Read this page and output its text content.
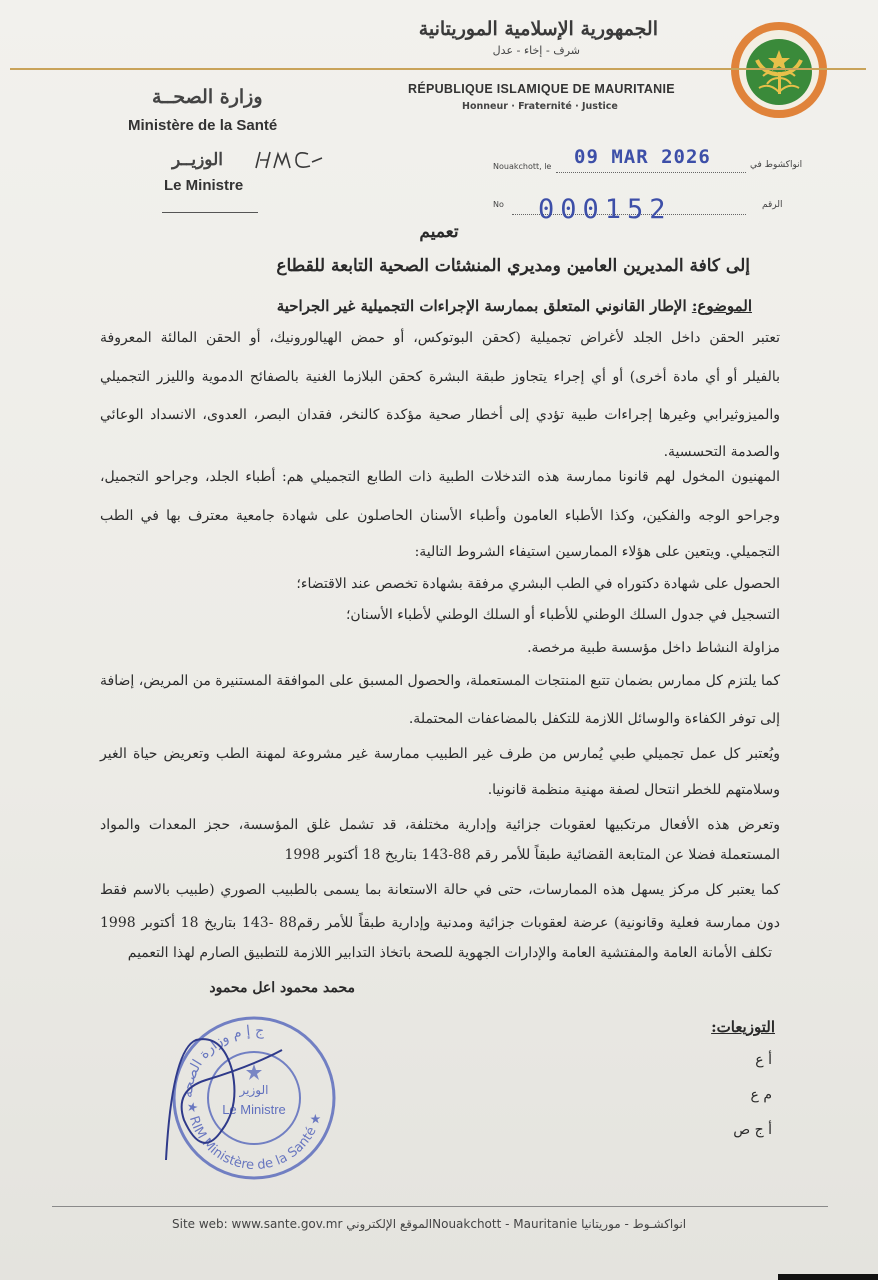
الجمهورية الإسلامية الموريتانية
شرف - إخاء - عدل
RÉPUBLIQUE ISLAMIQUE DE MAURITANIE
Honneur · Fraternité · Justice
وزارة الصحــة
Ministère de la Santé
الوزيــر
Le Ministre
Nouakchott, le	انواكشوط في
09 MAR 2026
No	الرقم
000152
تعميم
إلى كافة المديرين العامين ومديري المنشئات الصحية التابعة للقطاع
الموضوع: الإطار القانوني المتعلق بممارسة الإجراءات التجميلية غير الجراحية
تعتبر الحقن داخل الجلد لأغراض تجميلية (كحقن البوتوكس، أو حمض الهيالورونيك، أو الحقن المالئة المعروفة
بالفيلر أو أي مادة أخرى) أو أي إجراء يتجاوز طبقة البشرة كحقن البلازما الغنية بالصفائح الدموية والليزر التجميلي
والميزوثيرابي وغيرها إجراءات طبية تؤدي إلى أخطار صحية مؤكدة كالنخر، فقدان البصر، العدوى، الانسداد الوعائي
والصدمة التحسسية.
المهنيون المخول لهم قانونا ممارسة هذه التدخلات الطبية ذات الطابع التجميلي هم: أطباء الجلد، وجراحو التجميل،
وجراحو الوجه والفكين، وكذا الأطباء العامون وأطباء الأسنان الحاصلون على شهادة جامعية معترف بها في الطب
التجميلي. ويتعين على هؤلاء الممارسين استيفاء الشروط التالية:
الحصول على شهادة دكتوراه في الطب البشري مرفقة بشهادة تخصص عند الاقتضاء؛
التسجيل في جدول السلك الوطني للأطباء أو السلك الوطني لأطباء الأسنان؛
مزاولة النشاط داخل مؤسسة طبية مرخصة.
كما يلتزم كل ممارس بضمان تتبع المنتجات المستعملة، والحصول المسبق على الموافقة المستنيرة من المريض، إضافة
إلى توفر الكفاءة والوسائل اللازمة للتكفل بالمضاعفات المحتملة.
ويُعتبر كل عمل تجميلي طبي يُمارس من طرف غير الطبيب ممارسة غير مشروعة لمهنة الطب وتعريض حياة الغير
وسلامتهم للخطر انتحال لصفة مهنية منظمة قانونيا.
وتعرض هذه الأفعال مرتكبيها لعقوبات جزائية وإدارية مختلفة، قد تشمل غلق المؤسسة، حجز المعدات والمواد
المستعملة فضلا عن المتابعة القضائية طبقاً للأمر رقم 88-143 بتاريخ 18 أكتوبر 1998
كما يعتبر كل مركز يسهل هذه الممارسات، حتى في حالة الاستعانة بما يسمى بالطبيب الصوري (طبيب بالاسم فقط
دون ممارسة فعلية وقانونية) عرضة لعقوبات جزائية ومدنية وإدارية طبقاً للأمر رقم88 -143 بتاريخ 18 أكتوبر 1998
تكلف الأمانة العامة والمفتشية العامة والإدارات الجهوية للصحة باتخاذ التدابير اللازمة للتطبيق الصارم لهذا التعميم
محمد محمود اعل محمود
ج إ م وزارة الصحة
★ RIM Ministère de la Santé ★
الوزير
Le Ministre
التوزيعات:
أ ع
م ع
أ ج ص
Site web: www.sante.gov.mr الموقع الإلكترونيNouakchott - Mauritanie انواكشـوط - موريتانيا
